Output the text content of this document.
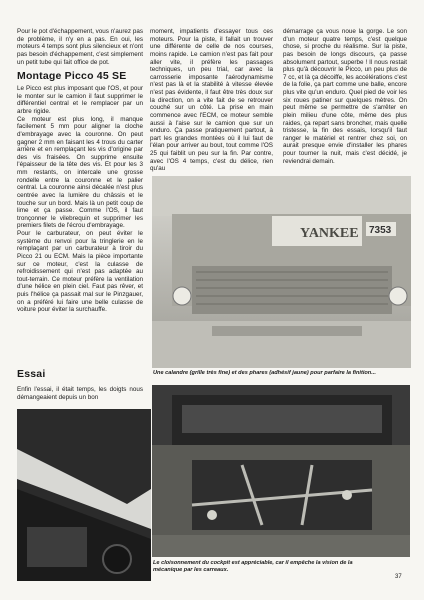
Pour le pot d'échappement, vous n'aurez pas de problème, il n'y en a pas. En oui, les moteurs 4 temps sont plus silencieux et n'ont pas besoin d'échappement, c'est simplement un petit tube qui fait office de pot.

Montage Picco 45 SE

Le Picco est plus imposant que l'OS, et pour le monter sur le camion il faut supprimer le différentiel central et le remplacer par un arbre rigide.

Ce moteur est plus long, il manque facilement 5 mm pour aligner la cloche d'embrayage avec la couronne. On peut gagner 2 mm en faisant les 4 trous du carter arrière et en remplaçant les vis d'origine par des vis fraisées. On supprime ensuite l'épaisseur de la tête des vis. Et pour les 3 mm restants, on intercale une grosse rondelle entre la couronne et le palier central. La couronne ainsi décalée n'est plus centrée avec la lumière du châssis et le touche sur un bord. Mais là un petit coup de lime et ça passe. Comme l'OS, il faut tronçonner le vilebrequin et supprimer les premiers filets de l'écrou d'embrayage.

Pour le carburateur, on peut éviter le système du renvoi pour la tringlerie en le remplaçant par un carburateur à tiroir du Picco 21 ou ECM. Mais la pièce importante sur ce moteur, c'est la culasse de refroidissement qui n'est pas adaptée au tout-terrain. Ce moteur préfère la ventilation d'une hélice en plein ciel. Faut pas rêver, et puis l'hélice ça passait mal sur le Pinzgauer, on a préféré lui faire une belle culasse de voiture pour éviter la surchauffe.

moment, impatients d'essayer tous ces moteurs. Pour la piste, il fallait un trouver une différente de celle de nos courses, moins rapide. Le camion n'est pas fait pour aller vite, il préfère les passages techniques, un peu trial, car avec la carrosserie imposante l'aérodynamisme n'est pas là et la stabilité à vitesse élevée n'est pas évidente, il faut être très doux sur la direction, on a vite fait de se retrouver couché sur un côté. La prise en main commence avec l'ECM, ce moteur semble aussi à l'aise sur le camion que sur un enduro. Ça passe pratiquement partout, à part les grandes montées où il lui faut de l'élan pour arriver au bout, tout comme l'OS 25 qui faiblit un peu sur la fin. Par contre, avec l'OS 4 temps, c'est du délice, rien qu'au

démarrage ça vous noue la gorge. Le son d'un moteur quatre temps, c'est quelque chose, si proche du réalisme. Sur la piste, pas besoin de longs discours, ça passe absolument partout, superbe ! Il nous restait plus qu'à découvrir le Picco, un peu plus de 7 cc, et là ça décoiffe, les accélérations c'est de la folie, ça part comme une balle, encore plus vite qu'un enduro. Quel pied de voir les six roues patiner sur quelques mètres. On peut même se permettre de s'arrêter en plein milieu d'une côte, même des plus raides, ça repart sans broncher, mais quelle tristesse, la fin des essais, lorsqu'il faut ranger le matériel et rentrer chez soi, on aurait presque envie d'installer les phares pour tourner la nuit, mais c'est décidé, je reviendrai demain.

Essai

Enfin l'essai, il était temps, les doigts nous démangeaient depuis un bon

YANKEE 7353
Une calandre (grille très fine) et des phares (adhésif jaune) pour parfaire la finition...
Le cloisonnement du cockpit est appréciable, car il empêche la vision de la mécanique par les carreaux.
37
